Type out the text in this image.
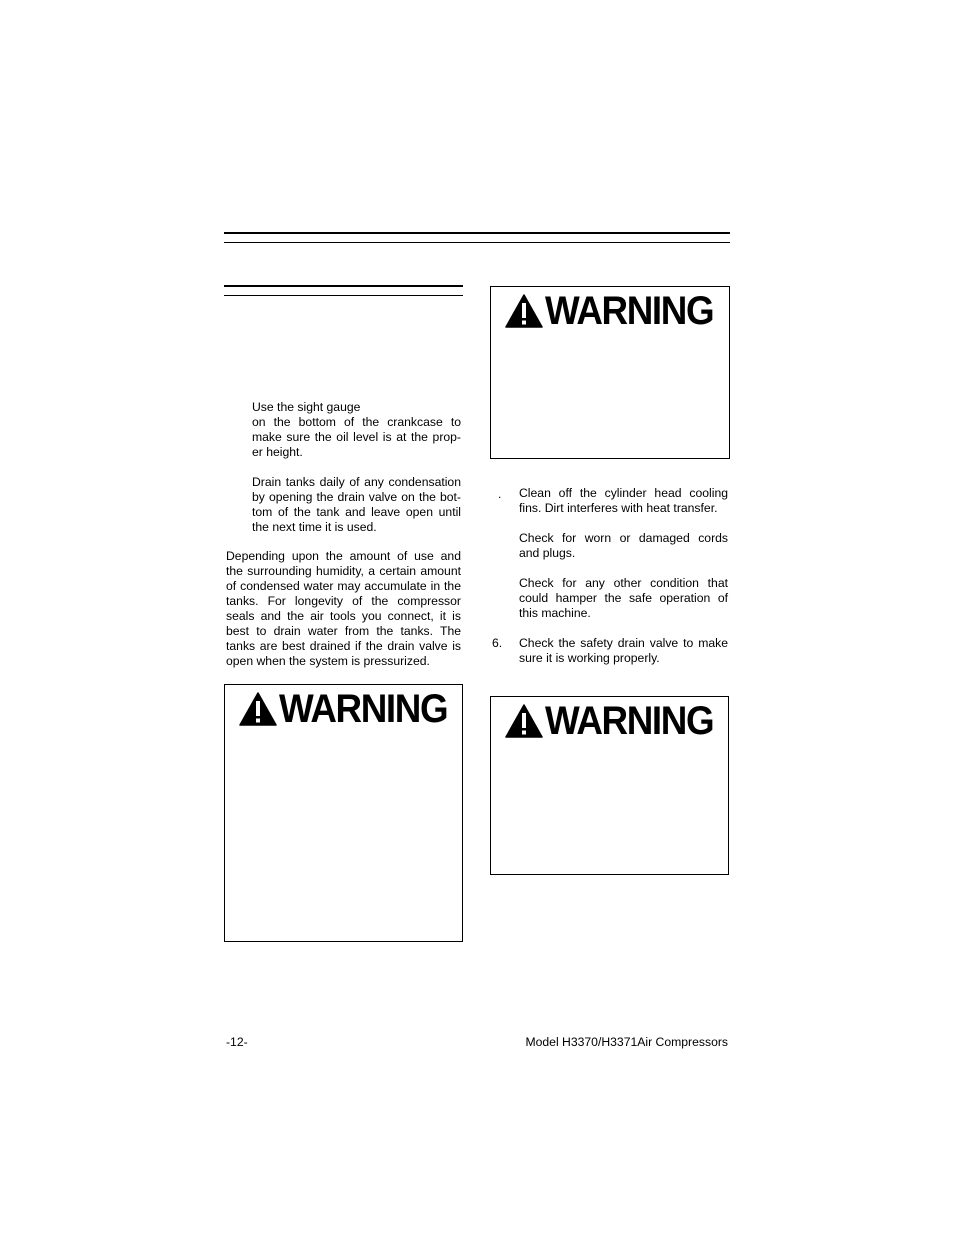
Use the sight gauge
on the bottom of the crankcase to
make sure the oil level is at the prop-
er height.
Drain tanks daily of any condensation
by opening the drain valve on the bot-
tom of the tank and leave open until
the next time it is used.
Depending upon the amount of use and
the surrounding humidity, a certain amount
of condensed water may accumulate in the
tanks. For longevity of the compressor
seals and the air tools you connect, it is
best to drain water from the tanks. The
tanks are best drained if the drain valve is
open when the system is pressurized.
WARNING
WARNING
. Clean off the cylinder head cooling
fins. Dirt interferes with heat transfer.
Check for worn or damaged cords
and plugs.
Check for any other condition that
could hamper the safe operation of
this machine.
6. Check the safety drain valve to make
sure it is working properly.
WARNING
-12-	Model H3370/H3371Air Compressors
